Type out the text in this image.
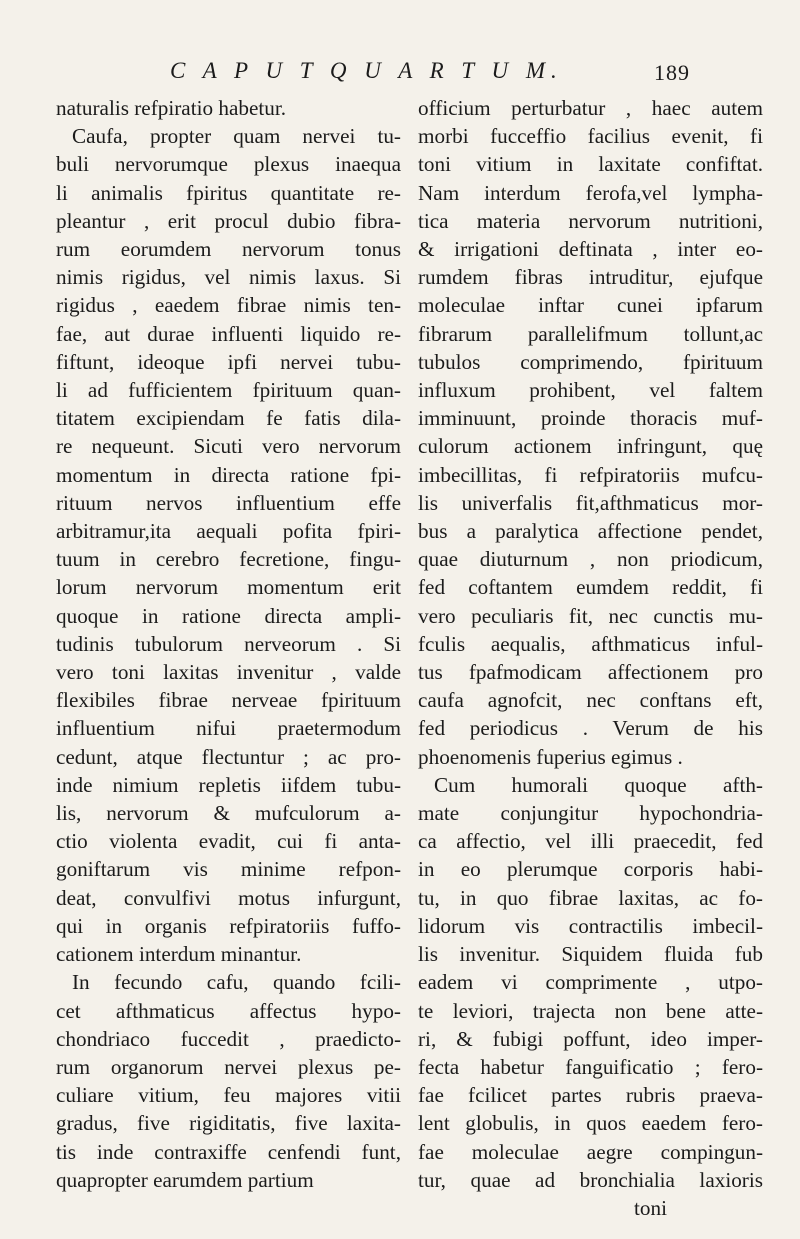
C A P U T Q U A R T U M.	189
naturalis refpiratio habetur.
Caufa, propter quam nervei tu-
buli nervorumque plexus inaequa
li animalis fpiritus quantitate re-
pleantur , erit procul dubio fibra-
rum eorumdem nervorum tonus
nimis rigidus, vel nimis laxus. Si
rigidus , eaedem fibrae nimis ten-
fae, aut durae influenti liquido re-
fiftunt, ideoque ipfi nervei tubu-
li ad fufficientem fpirituum quan-
titatem excipiendam fe fatis dila-
re nequeunt. Sicuti vero nervorum
momentum in directa ratione fpi-
rituum nervos influentium effe
arbitramur,ita aequali pofita fpiri-
tuum in cerebro fecretione, fingu-
lorum nervorum momentum erit
quoque in ratione directa ampli-
tudinis tubulorum nerveorum . Si
vero toni laxitas invenitur , valde
flexibiles fibrae nerveae fpirituum
influentium nifui praetermodum
cedunt, atque flectuntur ; ac pro-
inde nimium repletis iifdem tubu-
lis, nervorum & mufculorum a-
ctio violenta evadit, cui fi anta-
goniftarum vis minime refpon-
deat, convulfivi motus infurgunt,
qui in organis refpiratoriis fuffo-
cationem interdum minantur.
In fecundo cafu, quando fcili-
cet afthmaticus affectus hypo-
chondriaco fuccedit , praedicto-
rum organorum nervei plexus pe-
culiare vitium, feu majores vitii
gradus, five rigiditatis, five laxita-
tis inde contraxiffe cenfendi funt,
quapropter earumdem partium
officium perturbatur , haec autem
morbi fucceffio facilius evenit, fi
toni vitium in laxitate confiftat.
Nam interdum ferofa,vel lympha-
tica materia nervorum nutritioni,
& irrigationi deftinata , inter eo-
rumdem fibras intruditur, ejufque
moleculae inftar cunei ipfarum
fibrarum parallelifmum tollunt,ac
tubulos comprimendo, fpirituum
influxum prohibent, vel faltem
imminuunt, proinde thoracis muf-
culorum actionem infringunt, quę
imbecillitas, fi refpiratoriis mufcu-
lis univerfalis fit,afthmaticus mor-
bus a paralytica affectione pendet,
quae diuturnum , non priodicum,
fed coftantem eumdem reddit, fi
vero peculiaris fit, nec cunctis mu-
fculis aequalis, afthmaticus inful-
tus fpafmodicam affectionem pro
caufa agnofcit, nec conftans eft,
fed periodicus . Verum de his
phoenomenis fuperius egimus .
Cum humorali quoque afth-
mate conjungitur hypochondria-
ca affectio, vel illi praecedit, fed
in eo plerumque corporis habi-
tu, in quo fibrae laxitas, ac fo-
lidorum vis contractilis imbecil-
lis invenitur. Siquidem fluida fub
eadem vi comprimente , utpo-
te leviori, trajecta non bene atte-
ri, & fubigi poffunt, ideo imper-
fecta habetur fanguificatio ; fero-
fae fcilicet partes rubris praeva-
lent globulis, in quos eaedem fero-
fae moleculae aegre compingun-
tur, quae ad bronchialia laxioris
toni
